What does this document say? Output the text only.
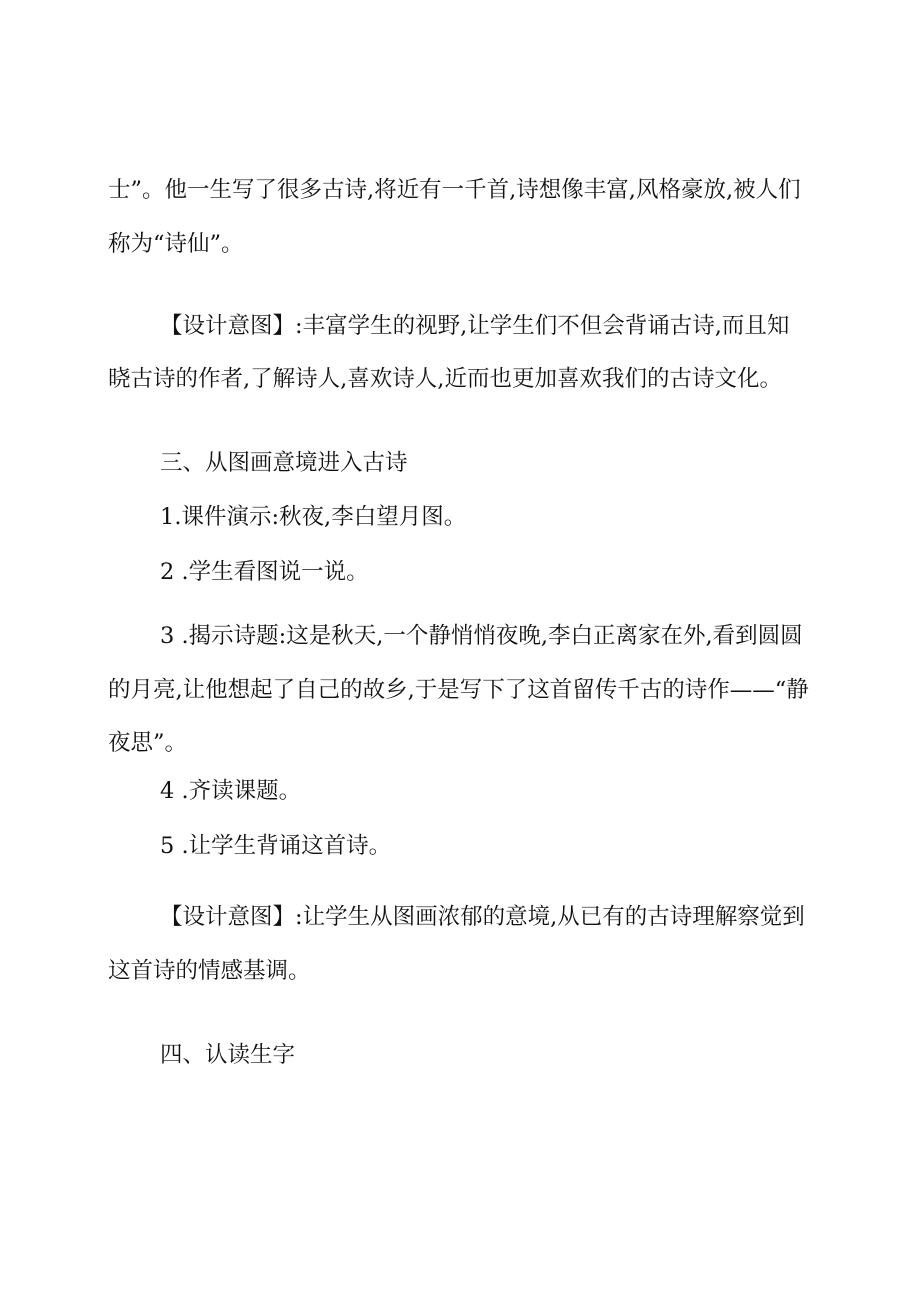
士”。他一生写了很多古诗,将近有一千首,诗想像丰富,风格豪放,被人们
称为“诗仙”。
【设计意图】:丰富学生的视野,让学生们不但会背诵古诗,而且知
晓古诗的作者,了解诗人,喜欢诗人,近而也更加喜欢我们的古诗文化。
三、从图画意境进入古诗
1.课件演示:秋夜,李白望月图。
2 .学生看图说一说。
3 .揭示诗题:这是秋天,一个静悄悄夜晚,李白正离家在外,看到圆圆
的月亮,让他想起了自己的故乡,于是写下了这首留传千古的诗作——“静
夜思”。
4 .齐读课题。
5 .让学生背诵这首诗。
【设计意图】:让学生从图画浓郁的意境,从已有的古诗理解察觉到
这首诗的情感基调。
四、认读生字
